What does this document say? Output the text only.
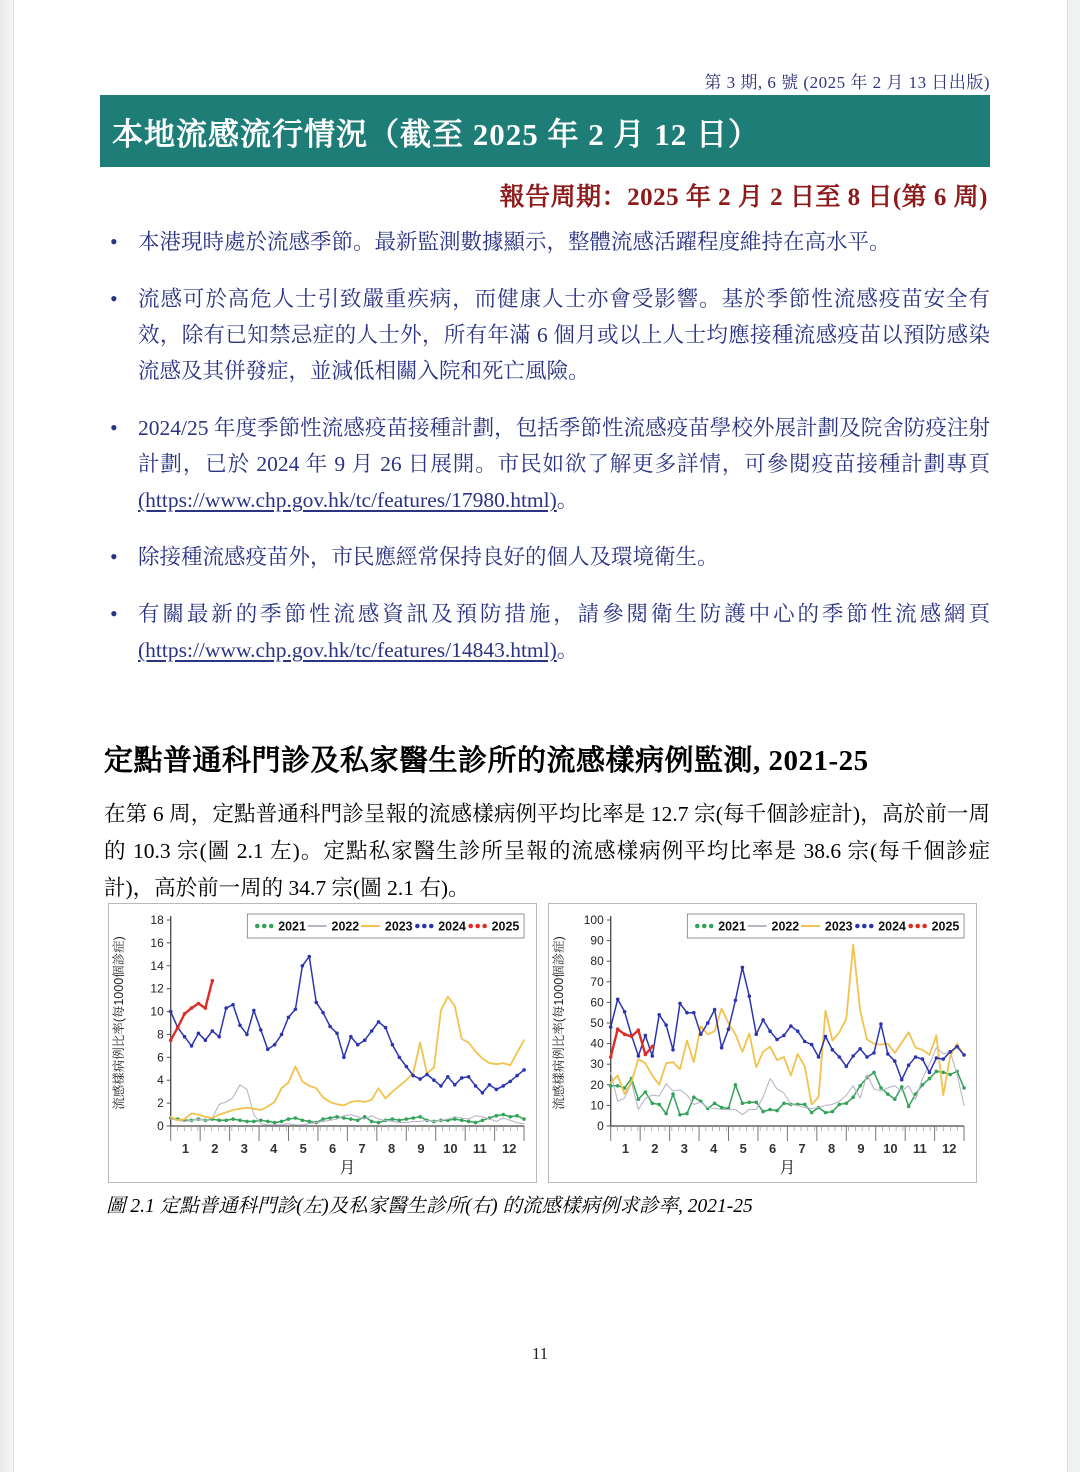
第 3 期, 6 號 (2025 年 2 月 13 日出版)
本地流感流行情況（截至 2025 年 2 月 12 日）
報告周期：2025 年 2 月 2 日至 8 日(第 6 周)
• 本港現時處於流感季節。最新監測數據顯示，整體流感活躍程度維持在高水平。
• 流感可於高危人士引致嚴重疾病，而健康人士亦會受影響。基於季節性流感疫苗安全有效，除有已知禁忌症的人士外，所有年滿 6 個月或以上人士均應接種流感疫苗以預防感染流感及其併發症，並減低相關入院和死亡風險。
• 2024/25 年度季節性流感疫苗接種計劃，包括季節性流感疫苗學校外展計劃及院舍防疫注射計劃，已於 2024 年 9 月 26 日展開。市民如欲了解更多詳情，可參閱疫苗接種計劃專頁(https://www.chp.gov.hk/tc/features/17980.html)。
• 除接種流感疫苗外，市民應經常保持良好的個人及環境衛生。
• 有關最新的季節性流感資訊及預防措施，請參閱衛生防護中心的季節性流感網頁(https://www.chp.gov.hk/tc/features/14843.html)。
定點普通科門診及私家醫生診所的流感樣病例監測, 2021-25
在第 6 周，定點普通科門診呈報的流感樣病例平均比率是 12.7 宗(每千個診症計)，高於前一周的 10.3 宗(圖 2.1 左)。定點私家醫生診所呈報的流感樣病例平均比率是 38.6 宗(每千個診症計)，高於前一周的 34.7 宗(圖 2.1 右)。
0
2
4
6
8
10
12
14
16
18
1 2 3 4 5 6 7 8 9 10 11 12
月
流感樣病例比率(每1000個診症)
2021 2022 2023 2024 2025
0
10
20
30
40
50
60
70
80
90
100
1 2 3 4 5 6 7 8 9 10 11 12
月
流感樣病例比率(每1000個診症)
2021 2022 2023 2024 2025
圖 2.1 定點普通科門診(左)及私家醫生診所(右) 的流感樣病例求診率, 2021-25
11
